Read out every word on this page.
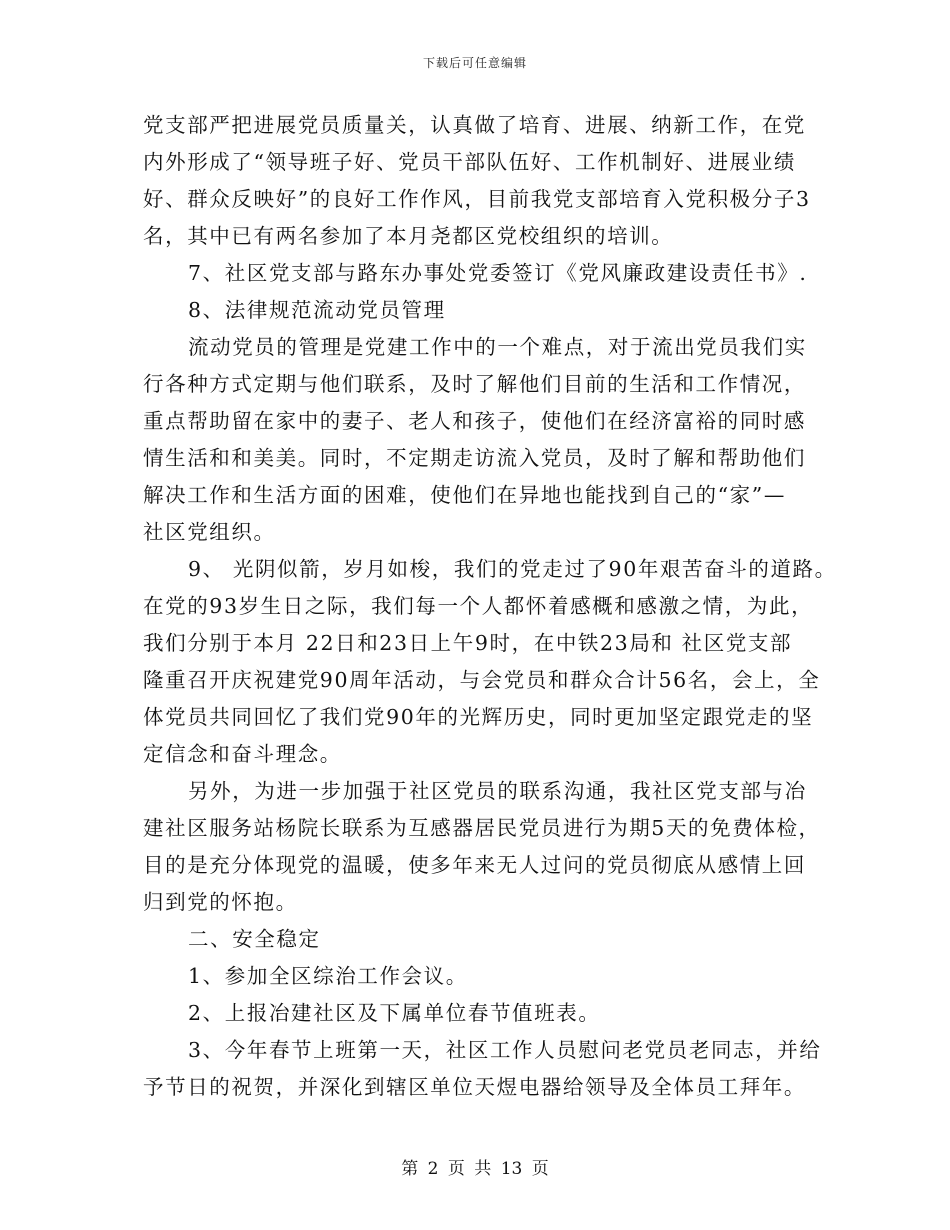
下载后可任意编辑
党支部严把进展党员质量关，认真做了培育、进展、纳新工作，在党
内外形成了“领导班子好、党员干部队伍好、工作机制好、进展业绩
好、群众反映好”的良好工作作风，目前我党支部培育入党积极分子3
名，其中已有两名参加了本月尧都区党校组织的培训。
7、社区党支部与路东办事处党委签订《党风廉政建设责任书》.
8、法律规范流动党员管理
流动党员的管理是党建工作中的一个难点，对于流出党员我们实
行各种方式定期与他们联系，及时了解他们目前的生活和工作情况，
重点帮助留在家中的妻子、老人和孩子，使他们在经济富裕的同时感
情生活和和美美。同时，不定期走访流入党员，及时了解和帮助他们
解决工作和生活方面的困难，使他们在异地也能找到自己的“家”—
社区党组织。
9、 光阴似箭，岁月如梭，我们的党走过了90年艰苦奋斗的道路。
在党的93岁生日之际，我们每一个人都怀着感概和感激之情，为此，
我们分别于本月 22日和23日上午9时，在中铁23局和 社区党支部
隆重召开庆祝建党90周年活动，与会党员和群众合计56名，会上，全
体党员共同回忆了我们党90年的光辉历史，同时更加坚定跟党走的坚
定信念和奋斗理念。
另外，为进一步加强于社区党员的联系沟通，我社区党支部与冶
建社区服务站杨院长联系为互感器居民党员进行为期5天的免费体检，
目的是充分体现党的温暖，使多年来无人过问的党员彻底从感情上回
归到党的怀抱。
二、安全稳定
1、参加全区综治工作会议。
2、上报冶建社区及下属单位春节值班表。
3、今年春节上班第一天，社区工作人员慰问老党员老同志，并给
予节日的祝贺，并深化到辖区单位天煜电器给领导及全体员工拜年。
第 2 页 共 13 页
